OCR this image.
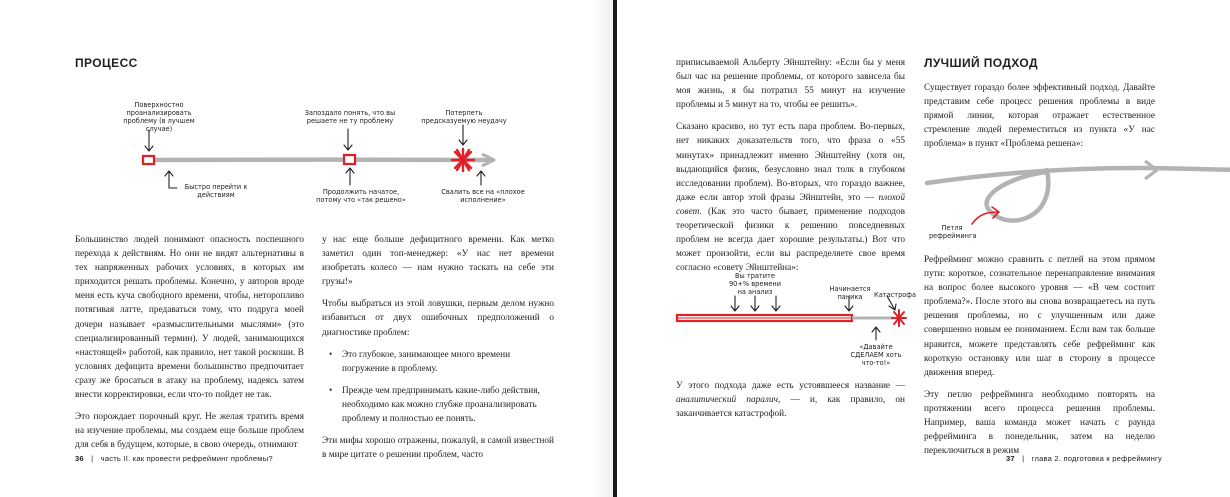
ПРОЦЕСС
Поверхностно проанализировать проблему (в лучшем случае)
Быстро перейти к действиям
Запоздало понять, что вы решаете не ту проблему
Продолжить начатое, потому что «так решено»
Потерпеть предсказуемую неудачу
Свалить все на «плохое исполнение»

Большинство людей понимают опасность поспешного перехода к действиям. Но они не видят альтернативы в тех напряженных рабочих условиях, в которых им приходится решать проблемы. Конечно, у авторов вроде меня есть куча свободного времени, чтобы, неторопливо потягивая латте, предаваться тому, что подруга моей дочери называет «размыслительными мыслями» (это специализированный термин). У людей, занимающихся «настоящей» работой, как правило, нет такой роскоши. В условиях дефицита времени большинство предпочитает сразу же бросаться в атаку на проблему, надеясь затем внести корректировки, если что-то пойдет не так.

Это порождает порочный круг. Не желая тратить время на изучение проблемы, мы создаем еще больше проблем для себя в будущем, которые, в свою очередь, отнимают

у нас еще больше дефицитного времени. Как метко заметил один топ-менеджер: «У нас нет времени изобретать колесо — нам нужно таскать на себе эти грузы!»

Чтобы выбраться из этой ловушки, первым делом нужно избавиться от двух ошибочных предположений о диагностике проблем:

• Это глубокое, занимающее много времени погружение в проблему.
• Прежде чем предпринимать какие-либо действия, необходимо как можно глубже проанализировать проблему и полностью ее понять.

Эти мифы хорошо отражены, пожалуй, в самой известной в мире цитате о решении проблем, часто

36 | часть II. как провести рефрейминг проблемы?

приписываемой Альберту Эйнштейну: «Если бы у меня был час на решение проблемы, от которого зависела бы моя жизнь, я бы потратил 55 минут на изучение проблемы и 5 минут на то, чтобы ее решить».

Сказано красиво, но тут есть пара проблем. Во-первых, нет никаких доказательств того, что фраза о «55 минутах» принадлежит именно Эйнштейну (хотя он, выдающийся физик, безусловно знал толк в глубоком исследовании проблем). Во-вторых, что гораздо важнее, даже если автор этой фразы Эйнштейн, это — плохой совет. (Как это часто бывает, применение подходов теоретической физики к решению повседневных проблем не всегда дает хорошие результаты.) Вот что может произойти, если вы распределяете свое время согласно «совету Эйнштейна»:

Вы тратите 90+% времени на анализ	Начинается паника	Катастрофа
«Давайте СДЕЛАЕМ хоть что-то!»

У этого подхода даже есть устоявшееся название — аналитический паралич, — и, как правило, он заканчивается катастрофой.

ЛУЧШИЙ ПОДХОД

Существует гораздо более эффективный подход. Давайте представим себе процесс решения проблемы в виде прямой линии, которая отражает естественное стремление людей переместиться из пункта «У нас проблема» в пункт «Проблема решена»:

Петля рефрейминга

Рефрейминг можно сравнить с петлей на этом прямом пути: короткое, сознательное перенаправление внимания на вопрос более высокого уровня — «В чем состоит проблема?». После этого вы снова возвращаетесь на путь решения проблемы, но с улучшенным или даже совершенно новым ее пониманием. Если вам так больше нравится, можете представлять себе рефрейминг как короткую остановку или шаг в сторону в процессе движения вперед.

Эту петлю рефрейминга необходимо повторять на протяжении всего процесса решения проблемы. Например, ваша команда может начать с раунда рефрейминга в понедельник, затем на неделю переключиться в режим

37 | глава 2. подготовка к рефреймингу
